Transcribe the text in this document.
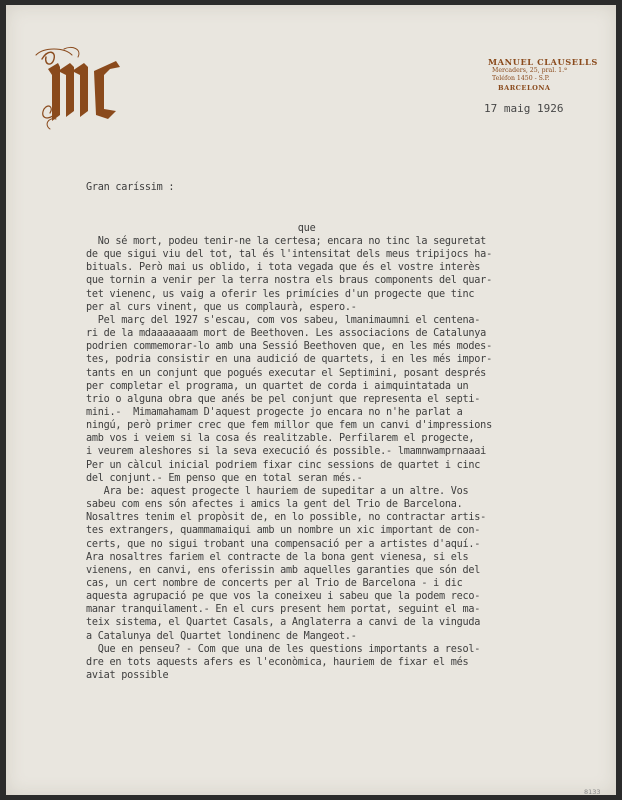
MANUEL CLAUSELLS
Mercaders, 25, pral. 1.ª
Teléfon 1450 - S.P.
BARCELONA
17 maig 1926

Gran caríssim :

que
No sé mort, podeu tenir-ne la certesa; encara no tinc la seguretat
de que sigui viu del tot, tal és l'intensitat dels meus tripijocs ha-
bituals. Però mai us oblido, i tota vegada que és el vostre interès
que tornin a venir per la terra nostra els braus components del quar-
tet vienenc, us vaig a oferir les primícies d'un progecte que tinc
per al curs vinent, que us complaurà, espero.-
Pel març del 1927 s'escau, com vos sabeu, lmanimaumni el centena-
ri de la mdaaaaaaam mort de Beethoven. Les associacions de Catalunya
podrien commemorar-lo amb una Sessió Beethoven que, en les més modes-
tes, podria consistir en una audició de quartets, i en les més impor-
tants en un conjunt que pogués executar el Septimini, posant després
per completar el programa, un quartet de corda i aimquintatada un
trio o alguna obra que anés be pel conjunt que representa el septi-
mini.-  Mimamahamam D'aquest progecte jo encara no n'he parlat a
ningú, però primer crec que fem millor que fem un canvi d'impressions
amb vos i veiem si la cosa és realitzable. Perfilarem el progecte,
i veurem aleshores si la seva execució és possible.- lmamnwamprnaaai
Per un càlcul inicial podriem fixar cinc sessions de quartet i cinc
del conjunt.- Em penso que en total seran més.-
Ara be: aquest progecte l hauriem de supeditar a un altre. Vos
sabeu com ens són afectes i amics la gent del Trio de Barcelona.
Nosaltres tenim el propòsit de, en lo possible, no contractar artis-
tes extrangers, quammamaiqui amb un nombre un xic important de con-
certs, que no sigui trobant una compensació per a artistes d'aquí.-
Ara nosaltres fariem el contracte de la bona gent vienesa, si els
vienens, en canvi, ens oferissin amb aquelles garanties que són del
cas, un cert nombre de concerts per al Trio de Barcelona - i dic
aquesta agrupació pe que vos la coneixeu i sabeu que la podem reco-
manar tranquilament.- En el curs present hem portat, seguint el ma-
teix sistema, el Quartet Casals, a Anglaterra a canvi de la vinguda
a Catalunya del Quartet londinenc de Mangeot.-
Que en penseu? - Com que una de les questions importants a resol-
dre en tots aquests afers es l'econòmica, hauriem de fixar el més
aviat possible

8133
